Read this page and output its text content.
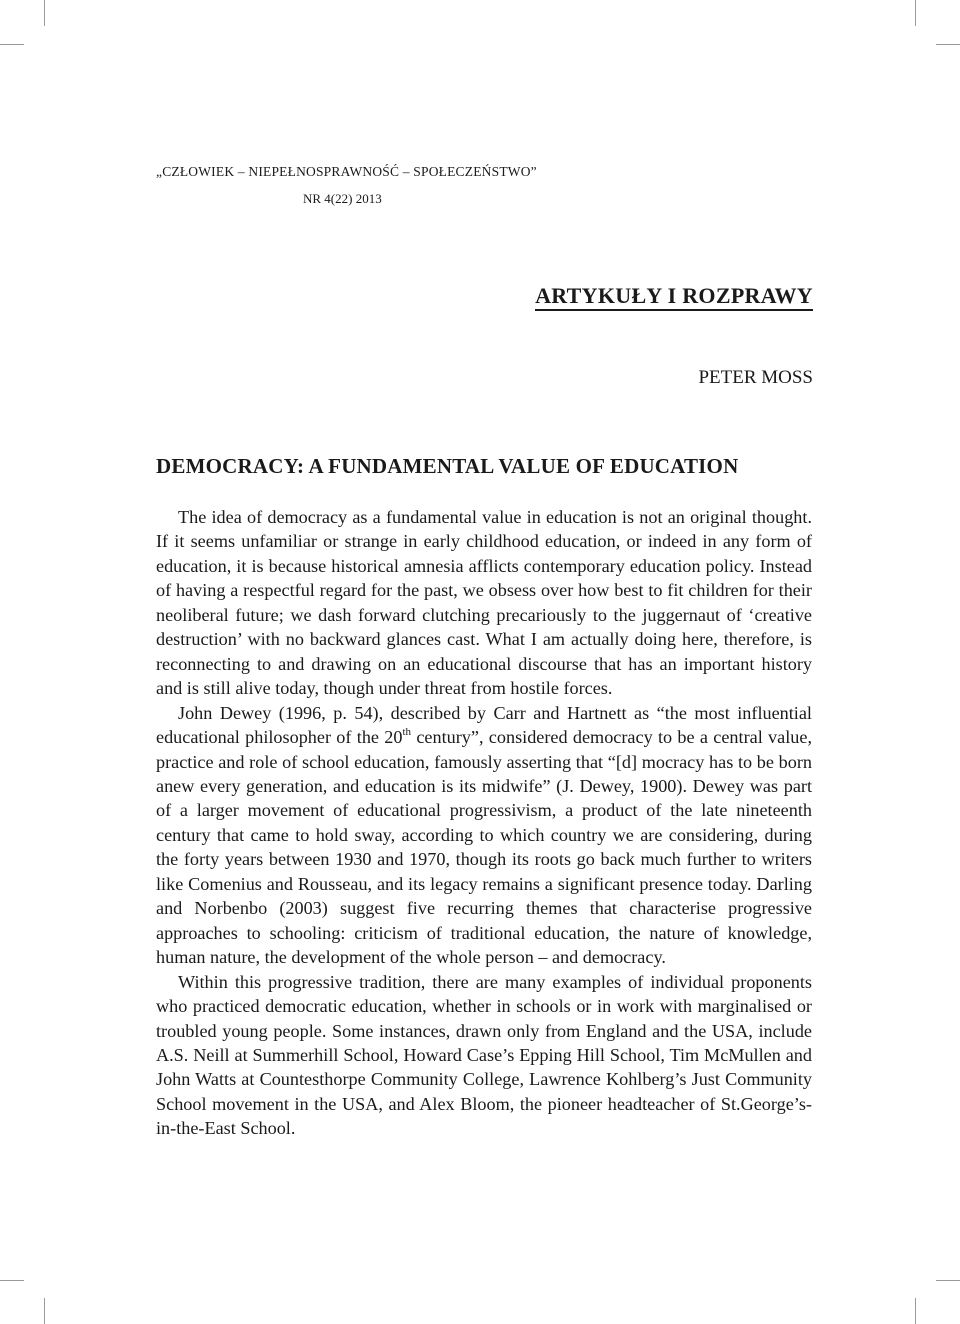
„CZŁOWIEK – NIEPEŁNOSPRAWNOŚĆ – SPOŁECZEŃSTWO”
NR 4(22) 2013
ARTYKUŁY I ROZPRAWY
PETER MOSS
DEMOCRACY: A FUNDAMENTAL VALUE OF EDUCATION

The idea of democracy as a fundamental value in education is not an original thought. If it seems unfamiliar or strange in early childhood education, or indeed in any form of education, it is because historical amnesia afflicts contemporary education policy. Instead of having a respectful regard for the past, we obsess over how best to fit children for their neoliberal future; we dash forward clutching precariously to the juggernaut of ‘creative destruction’ with no backward glances cast. What I am actually doing here, therefore, is reconnecting to and drawing on an educational discourse that has an important history and is still alive today, though under threat from hostile forces.

John Dewey (1996, p. 54), described by Carr and Hartnett as “the most influential educational philosopher of the 20th century”, considered democracy to be a central value, practice and role of school education, famously asserting that “[d] mocracy has to be born anew every generation, and education is its midwife” (J. Dewey, 1900). Dewey was part of a larger movement of educational progressivism, a product of the late nineteenth century that came to hold sway, according to which country we are considering, during the forty years between 1930 and 1970, though its roots go back much further to writers like Comenius and Rousseau, and its legacy remains a significant presence today. Darling and Norbenbo (2003) suggest five recurring themes that characterise progressive approaches to schooling: criticism of traditional education, the nature of knowledge, human nature, the development of the whole person – and democracy.

Within this progressive tradition, there are many examples of individual proponents who practiced democratic education, whether in schools or in work with marginalised or troubled young people. Some instances, drawn only from England and the USA, include A.S. Neill at Summerhill School, Howard Case’s Epping Hill School, Tim McMullen and John Watts at Countesthorpe Community College, Lawrence Kohlberg’s Just Community School movement in the USA, and Alex Bloom, the pioneer headteacher of St.George’s-in-the-East School.
